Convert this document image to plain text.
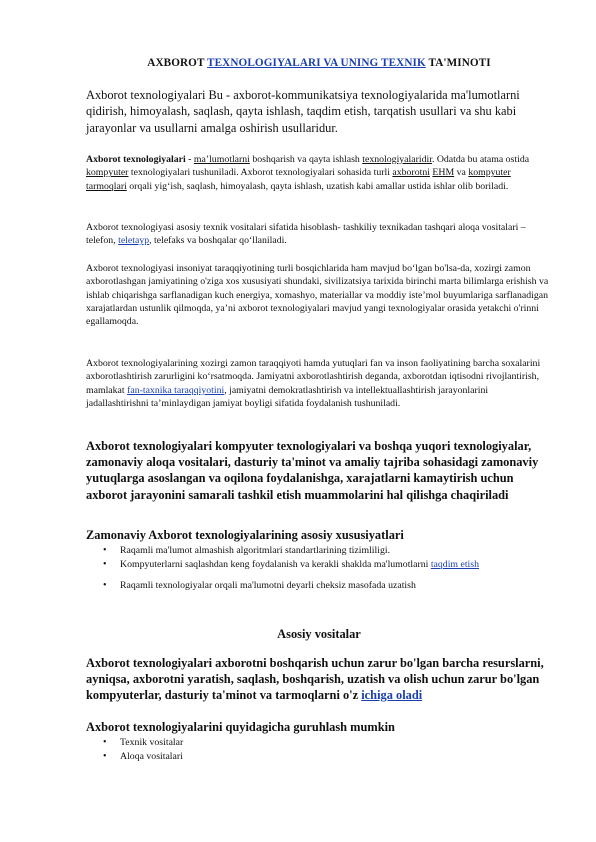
AXBOROT TEXNOLOGIYALARI VA UNING TEXNIK TA'MINOTI
Axborot texnologiyalari Bu - axborot-kommunikatsiya texnologiyalarida ma'lumotlarni qidirish, himoyalash, saqlash, qayta ishlash, taqdim etish, tarqatish usullari va shu kabi jarayonlar va usullarni amalga oshirish usullaridur.
Axborot texnologiyalari - ma’lumotlarni boshqarish va qayta ishlash texnologiyalaridir. Odatda bu atama ostida kompyuter texnologiyalari tushuniladi. Axborot texnologiyalari sohasida turli axborotni EHM va kompyuter tarmoqlari orqali yig‘ish, saqlash, himoyalash, qayta ishlash, uzatish kabi amallar ustida ishlar olib boriladi.
Axborot texnologiyasi asosiy texnik vositalari sifatida hisoblash- tashkiliy texnikadan tashqari aloqa vositalari – telefon, teletayp, telefaks va boshqalar qo‘llaniladi.
Axborot texnologiyasi insoniyat taraqqiyotining turli bosqichlarida ham mavjud bo‘lgan bo'lsa-da, xozirgi zamon axborotlashgan jamiyatining o'ziga xos xususiyati shundaki, sivilizatsiya tarixida birinchi marta bilimlarga erishish va ishlab chiqarishga sarflanadigan kuch energiya, xomashyo, materiallar va moddiy iste’mol buyumlariga sarflanadigan xarajatlardan ustunlik qilmoqda, ya’ni axborot texnologiyalari mavjud yangi texnologiyalar orasida yetakchi o'rinni egallamoqda.
Axborot texnologiyalarining xozirgi zamon taraqqiyoti hamda yutuqlari fan va inson faoliyatining barcha soxalarini axborotlashtirish zarurligini ko‘rsatmoqda. Jamiyatni axborotlashtirish deganda, axborotdan iqtisodni rivojlantirish, mamlakat fan-taxnika taraqqiyotini, jamiyatni demokratlashtirish va intellektuallashtirish jarayonlarini jadallashtirishni ta’minlaydigan jamiyat boyligi sifatida foydalanish tushuniladi.
Axborot texnologiyalari kompyuter texnologiyalari va boshqa yuqori texnologiyalar, zamonaviy aloqa vositalari, dasturiy ta'minot va amaliy tajriba sohasidagi zamonaviy yutuqlarga asoslangan va oqilona foydalanishga, xarajatlarni kamaytirish uchun axborot jarayonini samarali tashkil etish muammolarini hal qilishga chaqiriladi
Zamonaviy Axborot texnologiyalarining asosiy xususiyatlari
• Raqamli ma'lumot almashish algoritmlari standartlarining tizimliligi.
• Kompyuterlarni saqlashdan keng foydalanish va kerakli shaklda ma'lumotlarni taqdim etish
• Raqamli texnologiyalar orqali ma'lumotni deyarli cheksiz masofada uzatish
Asosiy vositalar
Axborot texnologiyalari axborotni boshqarish uchun zarur bo'lgan barcha resurslarni, ayniqsa, axborotni yaratish, saqlash, boshqarish, uzatish va olish uchun zarur bo'lgan kompyuterlar, dasturiy ta'minot va tarmoqlarni o'z ichiga oladi
Axborot texnologiyalarini quyidagicha guruhlash mumkin
• Texnik vositalar
• Aloqa vositalari
